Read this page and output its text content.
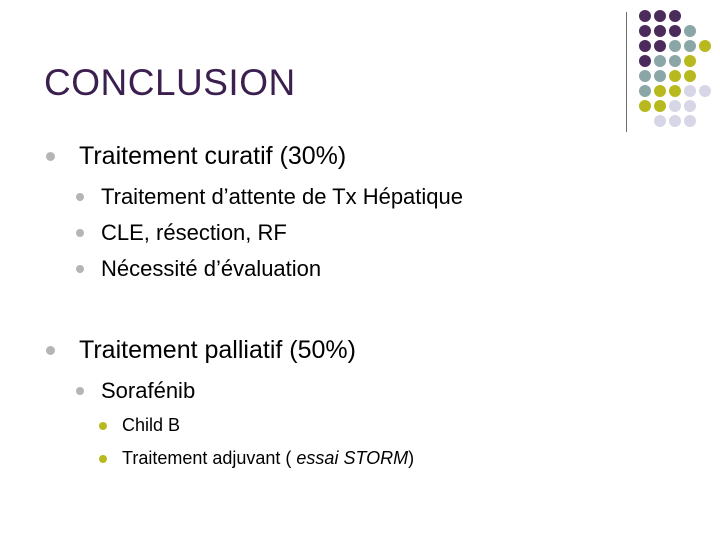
CONCLUSION
Traitement curatif (30%)
Traitement d’attente de Tx Hépatique
CLE, résection, RF
Nécessité d’évaluation
Traitement palliatif (50%)
Sorafénib
Child B
Traitement adjuvant ( essai STORM)
